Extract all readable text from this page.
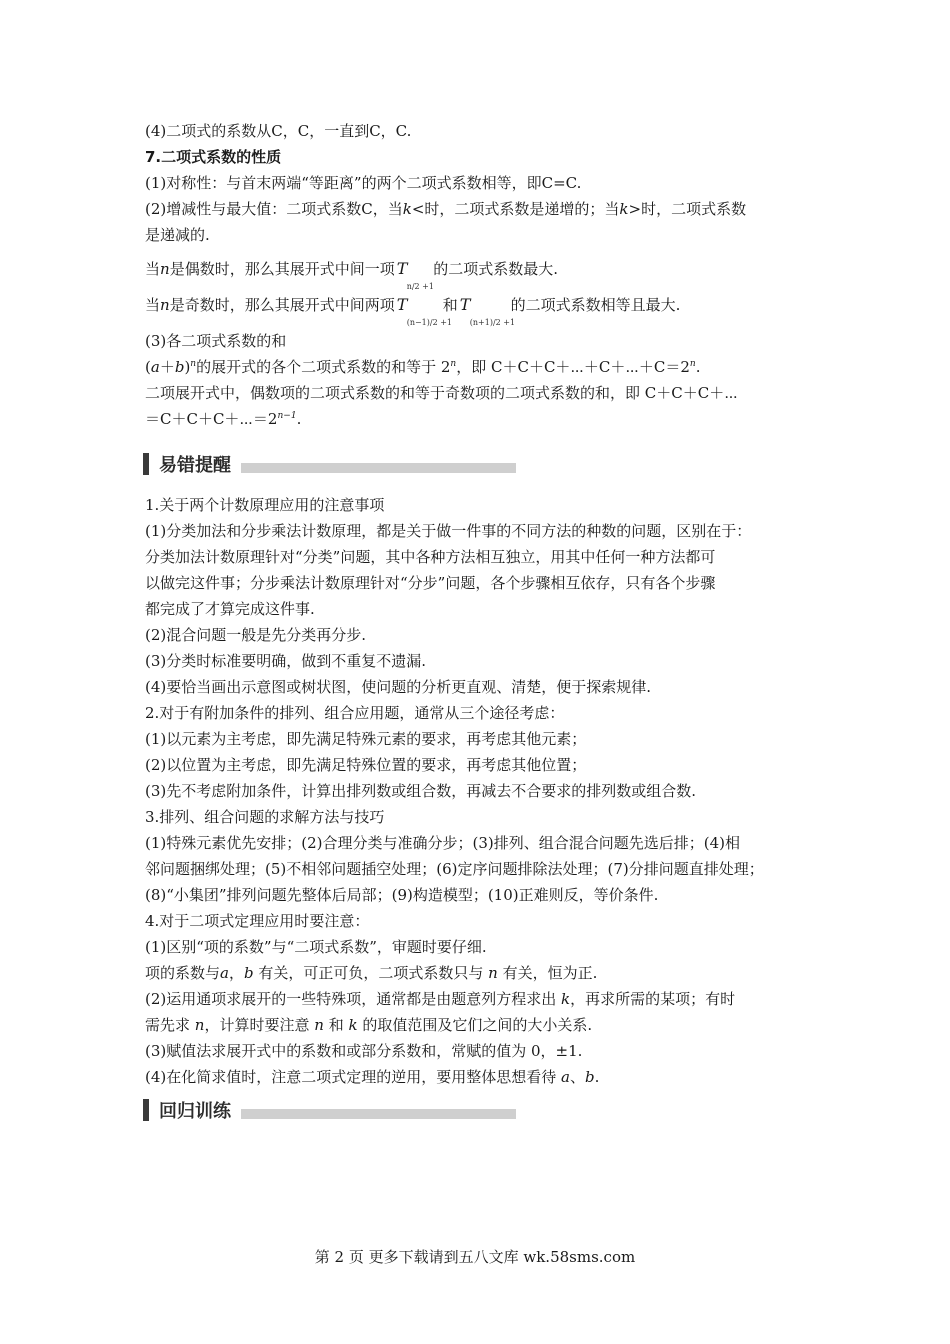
(4)二项式的系数从C，C，一直到C，C.
7.二项式系数的性质
(1)对称性：与首末两端“等距离”的两个二项式系数相等，即C=C.
(2)增减性与最大值：二项式系数C，当k<时，二项式系数是递增的；当k>时，二项式系数
是递减的.
当n是偶数时，那么其展开式中间一项 T
n/2 +1
的二项式系数最大.
当n是奇数时，那么其展开式中间两项 T
(n−1)/2 +1
和 T
(n+1)/2 +1
的二项式系数相等且最大.
(3)各二项式系数的和
$(a+b)^n$的展开式的各个二项式系数的和等于 2$^n$，即 $C+C+C+\cdots+C+\cdots+C=2^n$.
二项展开式中，偶数项的二项式系数的和等于奇数项的二项式系数的和，即 C＋C＋C＋⋯
$=C+C+C+\cdots=2^{n-1}$.
易错提醒
1.关于两个计数原理应用的注意事项
(1)分类加法和分步乘法计数原理，都是关于做一件事的不同方法的种数的问题，区别在于：
分类加法计数原理针对“分类”问题，其中各种方法相互独立，用其中任何一种方法都可
以做完这件事；分步乘法计数原理针对“分步”问题，各个步骤相互依存，只有各个步骤
都完成了才算完成这件事.
(2)混合问题一般是先分类再分步.
(3)分类时标准要明确，做到不重复不遗漏.
(4)要恰当画出示意图或树状图，使问题的分析更直观、清楚，便于探索规律.
2.对于有附加条件的排列、组合应用题，通常从三个途径考虑：
(1)以元素为主考虑，即先满足特殊元素的要求，再考虑其他元素；
(2)以位置为主考虑，即先满足特殊位置的要求，再考虑其他位置；
(3)先不考虑附加条件，计算出排列数或组合数，再减去不合要求的排列数或组合数.
3.排列、组合问题的求解方法与技巧
(1)特殊元素优先安排；(2)合理分类与准确分步；(3)排列、组合混合问题先选后排；(4)相
邻问题捆绑处理；(5)不相邻问题插空处理；(6)定序问题排除法处理；(7)分排问题直排处理；
(8)“小集团”排列问题先整体后局部；(9)构造模型；(10)正难则反，等价条件.
4.对于二项式定理应用时要注意：
(1)区别“项的系数”与“二项式系数”，审题时要仔细.
项的系数与a，b 有关，可正可负，二项式系数只与 n 有关，恒为正.
(2)运用通项求展开的一些特殊项，通常都是由题意列方程求出 k，再求所需的某项；有时
需先求 n，计算时要注意 n 和 k 的取值范围及它们之间的大小关系.
(3)赋值法求展开式中的系数和或部分系数和，常赋的值为 0，±1.
(4)在化简求值时，注意二项式定理的逆用，要用整体思想看待 a、b.
回归训练
第 2 页 更多下载请到五八文库 wk.58sms.com
